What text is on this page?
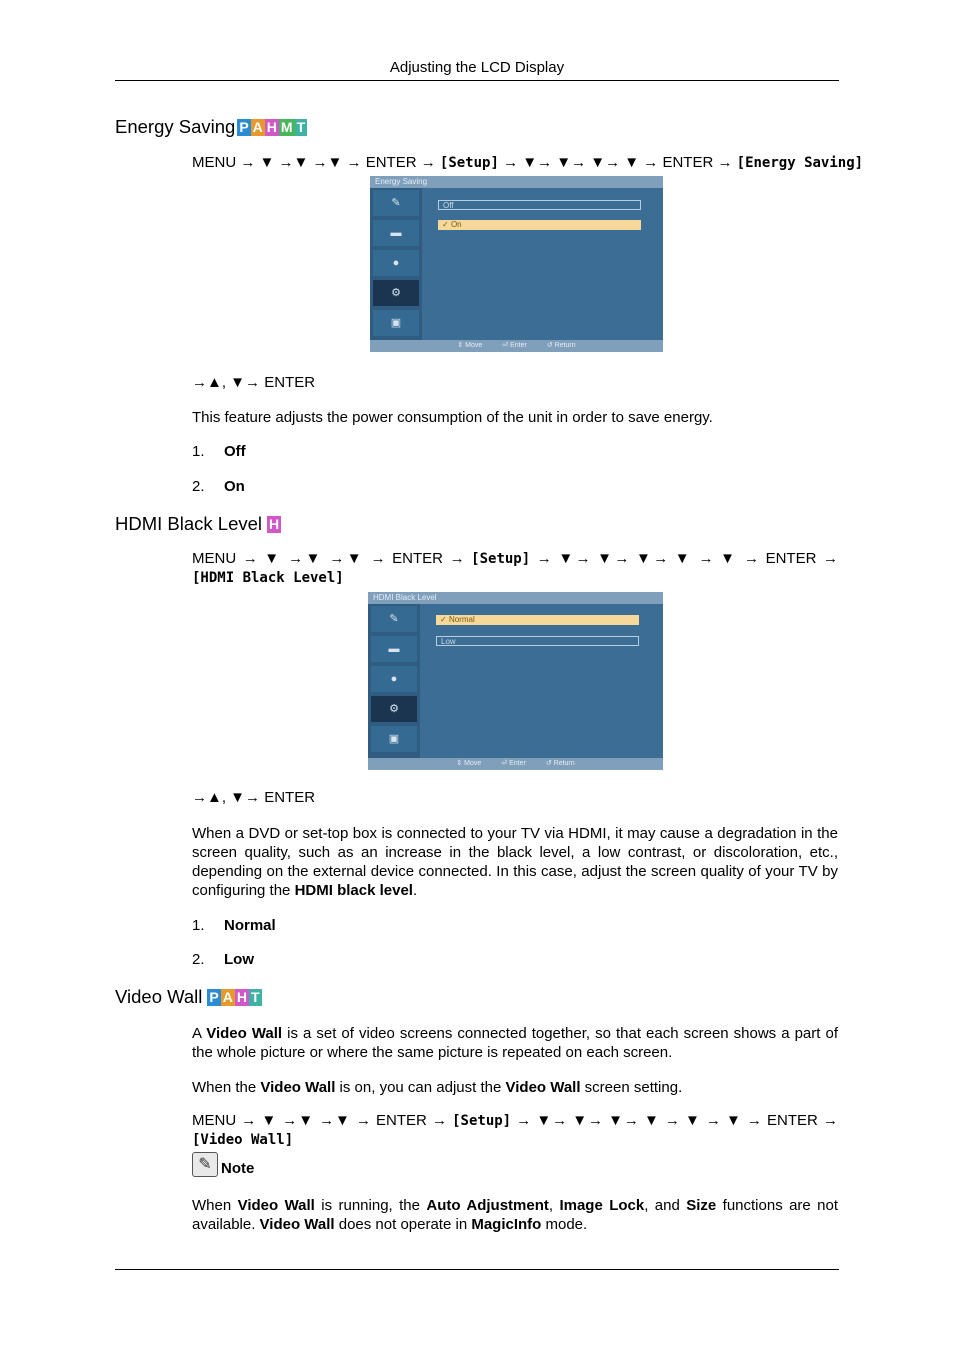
Adjusting the LCD Display
Energy Saving P A H M T
MENU → ▼ →▼ →▼ → ENTER → [Setup] → ▼→ ▼→ ▼→ ▼ → ENTER → [Energy Saving]
Energy Saving
✎
▬
●
⚙
▣
Off
✓ On
⇕ Move	⏎ Enter	↺ Return
→▲, ▼→ ENTER
This feature adjusts the power consumption of the unit in order to save energy.
1.	Off
2.	On
HDMI Black Level H
MENU → ▼ →▼ →▼ → ENTER → [Setup] → ▼→ ▼→ ▼→ ▼ → ▼ → ENTER →
[HDMI Black Level]
HDMI Black Level
✎
▬
●
⚙
▣
✓ Normal
Low
⇕ Move	⏎ Enter	↺ Return
→▲, ▼→ ENTER
When a DVD or set-top box is connected to your TV via HDMI, it may cause a degradation in the screen quality, such as an increase in the black level, a low contrast, or discoloration, etc., depending on the external device connected. In this case, adjust the screen quality of your TV by configuring the HDMI black level.
1.	Normal
2.	Low
Video Wall P A H T
A Video Wall is a set of video screens connected together, so that each screen shows a part of the whole picture or where the same picture is repeated on each screen.
When the Video Wall is on, you can adjust the Video Wall screen setting.
MENU → ▼ →▼ →▼ → ENTER → [Setup] → ▼→ ▼→ ▼→ ▼ → ▼ → ▼ → ENTER →
[Video Wall]
✎ Note
When Video Wall is running, the Auto Adjustment, Image Lock, and Size functions are not available. Video Wall does not operate in MagicInfo mode.
